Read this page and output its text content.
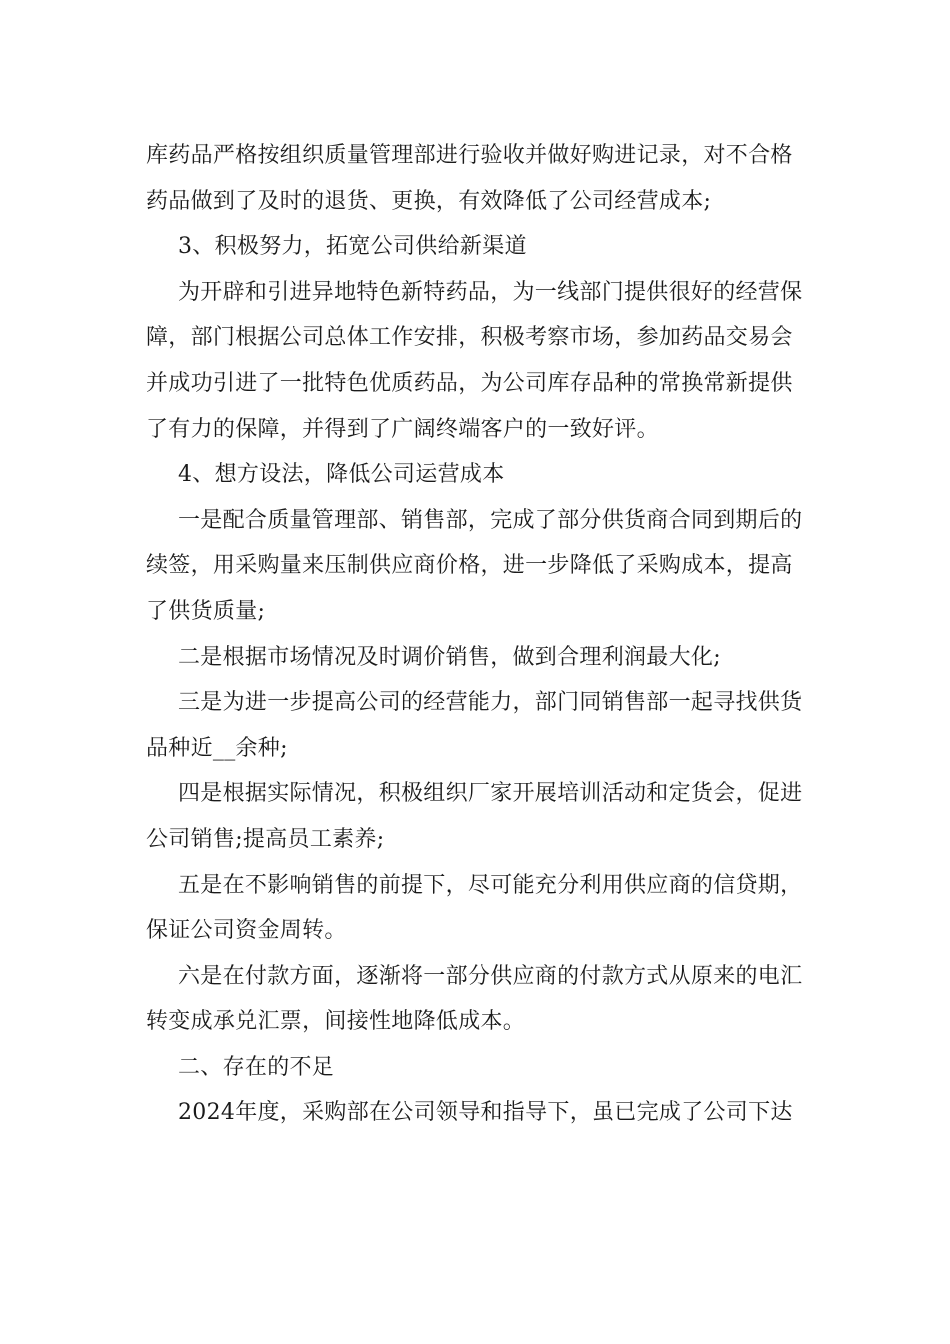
库药品严格按组织质量管理部进行验收并做好购进记录，对不合格
药品做到了及时的退货、更换，有效降低了公司经营成本;
3、积极努力，拓宽公司供给新渠道
为开辟和引进异地特色新特药品，为一线部门提供很好的经营保
障，部门根据公司总体工作安排，积极考察市场，参加药品交易会
并成功引进了一批特色优质药品，为公司库存品种的常换常新提供
了有力的保障，并得到了广阔终端客户的一致好评。
4、想方设法，降低公司运营成本
一是配合质量管理部、销售部，完成了部分供货商合同到期后的
续签，用采购量来压制供应商价格，进一步降低了采购成本，提高
了供货质量;
二是根据市场情况及时调价销售，做到合理利润最大化;
三是为进一步提高公司的经营能力，部门同销售部一起寻找供货
品种近__余种;
四是根据实际情况，积极组织厂家开展培训活动和定货会，促进
公司销售;提高员工素养;
五是在不影响销售的前提下，尽可能充分利用供应商的信贷期，
保证公司资金周转。
六是在付款方面，逐渐将一部分供应商的付款方式从原来的电汇
转变成承兑汇票，间接性地降低成本。
二、存在的不足
2024年度，采购部在公司领导和指导下，虽已完成了公司下达
